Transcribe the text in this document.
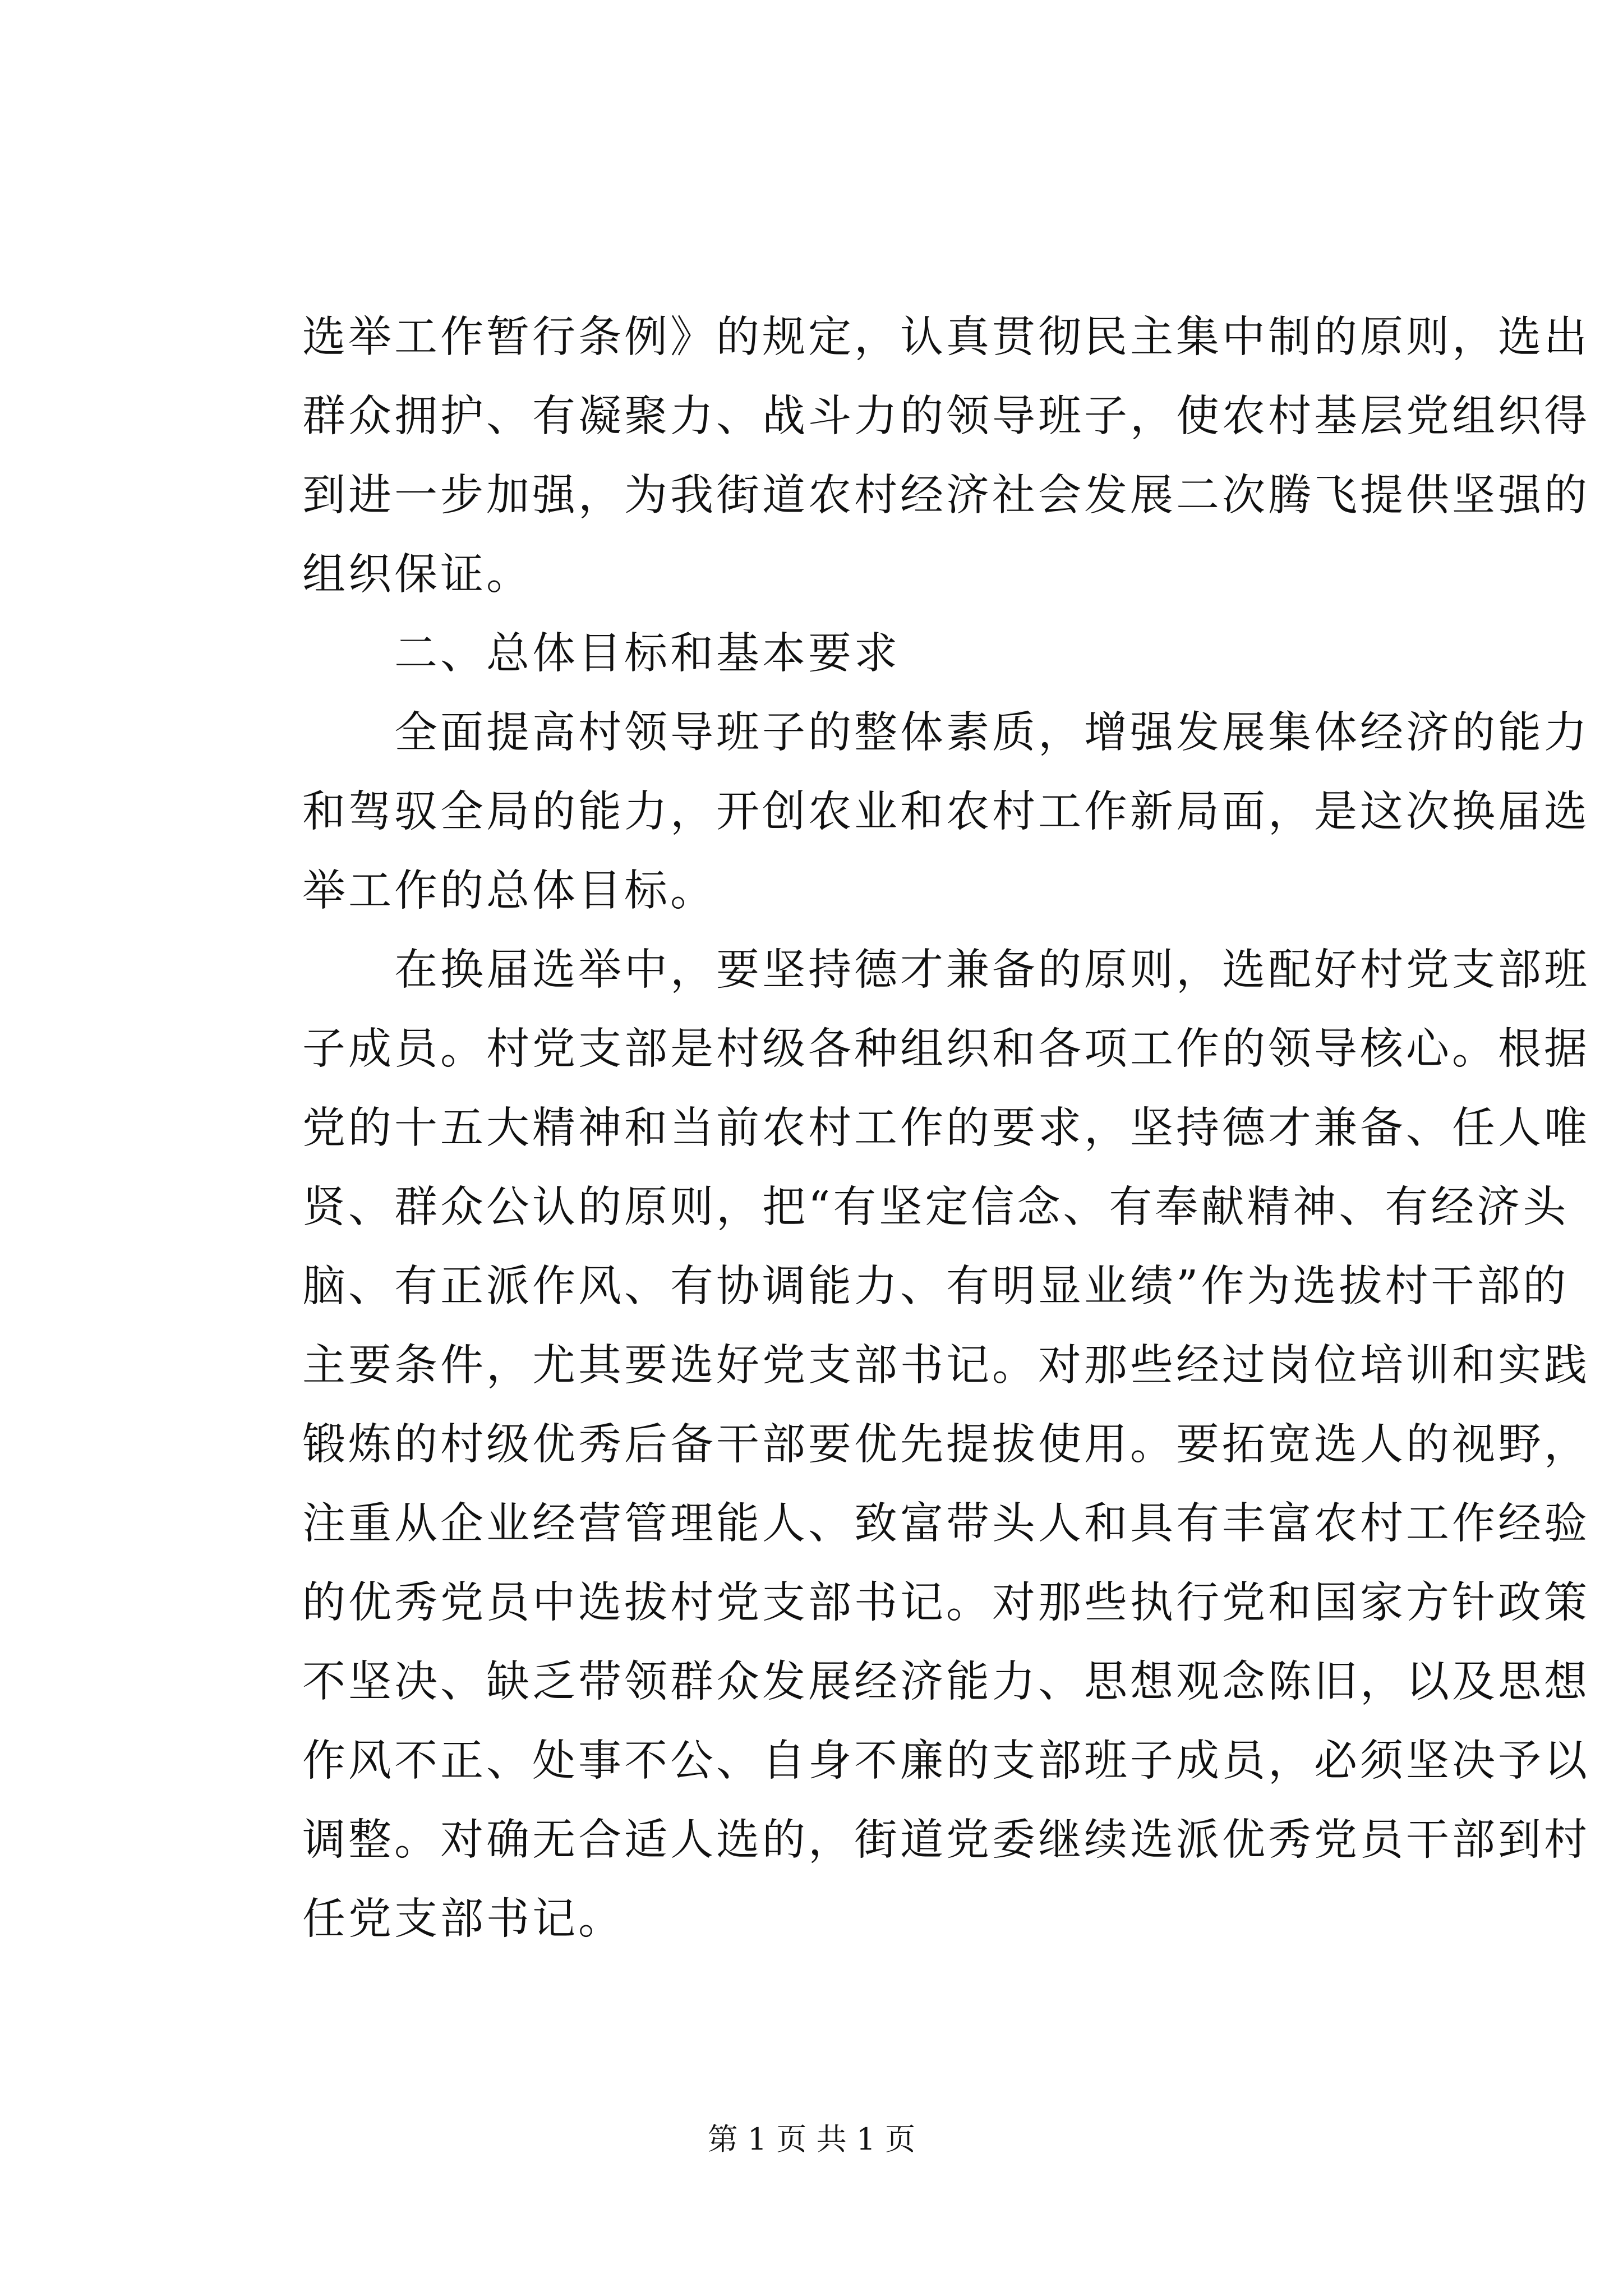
选举工作暂行条例》的规定，认真贯彻民主集中制的原则，选出
群众拥护、有凝聚力、战斗力的领导班子，使农村基层党组织得
到进一步加强，为我街道农村经济社会发展二次腾飞提供坚强的
组织保证。
　　二、总体目标和基本要求
　　全面提高村领导班子的整体素质，增强发展集体经济的能力
和驾驭全局的能力，开创农业和农村工作新局面，是这次换届选
举工作的总体目标。
　　在换届选举中，要坚持德才兼备的原则，选配好村党支部班
子成员。村党支部是村级各种组织和各项工作的领导核心。根据
党的十五大精神和当前农村工作的要求，坚持德才兼备、任人唯
贤、群众公认的原则，把“有坚定信念、有奉献精神、有经济头
脑、有正派作风、有协调能力、有明显业绩”作为选拔村干部的
主要条件，尤其要选好党支部书记。对那些经过岗位培训和实践
锻炼的村级优秀后备干部要优先提拔使用。要拓宽选人的视野，
注重从企业经营管理能人、致富带头人和具有丰富农村工作经验
的优秀党员中选拔村党支部书记。对那些执行党和国家方针政策
不坚决、缺乏带领群众发展经济能力、思想观念陈旧，以及思想
作风不正、处事不公、自身不廉的支部班子成员，必须坚决予以
调整。对确无合适人选的，街道党委继续选派优秀党员干部到村
任党支部书记。
第 1 页 共 1 页
